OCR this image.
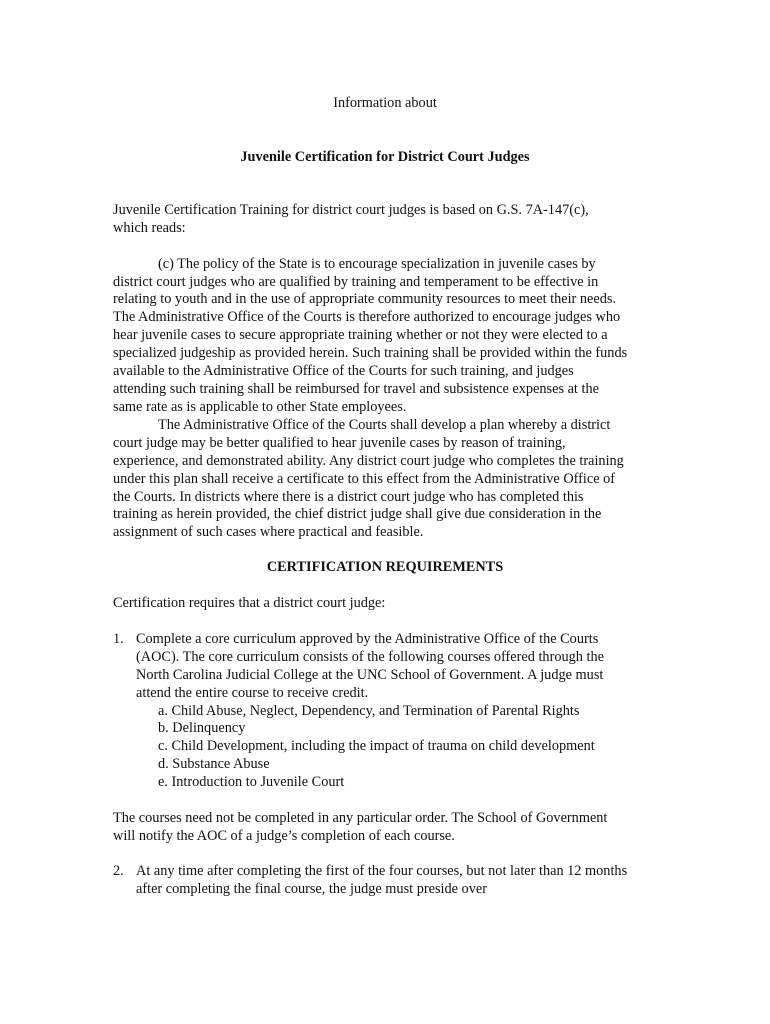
Information about

Juvenile Certification for District Court Judges

Juvenile Certification Training for district court judges is based on G.S. 7A-147(c),

which reads:

(c) The policy of the State is to encourage specialization in juvenile cases by

district court judges who are qualified by training and temperament to be effective in

relating to youth and in the use of appropriate community resources to meet their needs.

The Administrative Office of the Courts is therefore authorized to encourage judges who

hear juvenile cases to secure appropriate training whether or not they were elected to a

specialized judgeship as provided herein. Such training shall be provided within the funds

available to the Administrative Office of the Courts for such training, and judges

attending such training shall be reimbursed for travel and subsistence expenses at the

same rate as is applicable to other State employees.

The Administrative Office of the Courts shall develop a plan whereby a district

court judge may be better qualified to hear juvenile cases by reason of training,

experience, and demonstrated ability. Any district court judge who completes the training

under this plan shall receive a certificate to this effect from the Administrative Office of

the Courts. In districts where there is a district court judge who has completed this

training as herein provided, the chief district judge shall give due consideration in the

assignment of such cases where practical and feasible.

CERTIFICATION REQUIREMENTS

Certification requires that a district court judge:

1. Complete a core curriculum approved by the Administrative Office of the Courts

(AOC). The core curriculum consists of the following courses offered through the

North Carolina Judicial College at the UNC School of Government. A judge must

attend the entire course to receive credit.

a. Child Abuse, Neglect, Dependency, and Termination of Parental Rights

b. Delinquency

c. Child Development, including the impact of trauma on child development

d. Substance Abuse

e. Introduction to Juvenile Court

The courses need not be completed in any particular order. The School of Government

will notify the AOC of a judge’s completion of each course.

2. At any time after completing the first of the four courses, but not later than 12 months

after completing the final course, the judge must preside over
